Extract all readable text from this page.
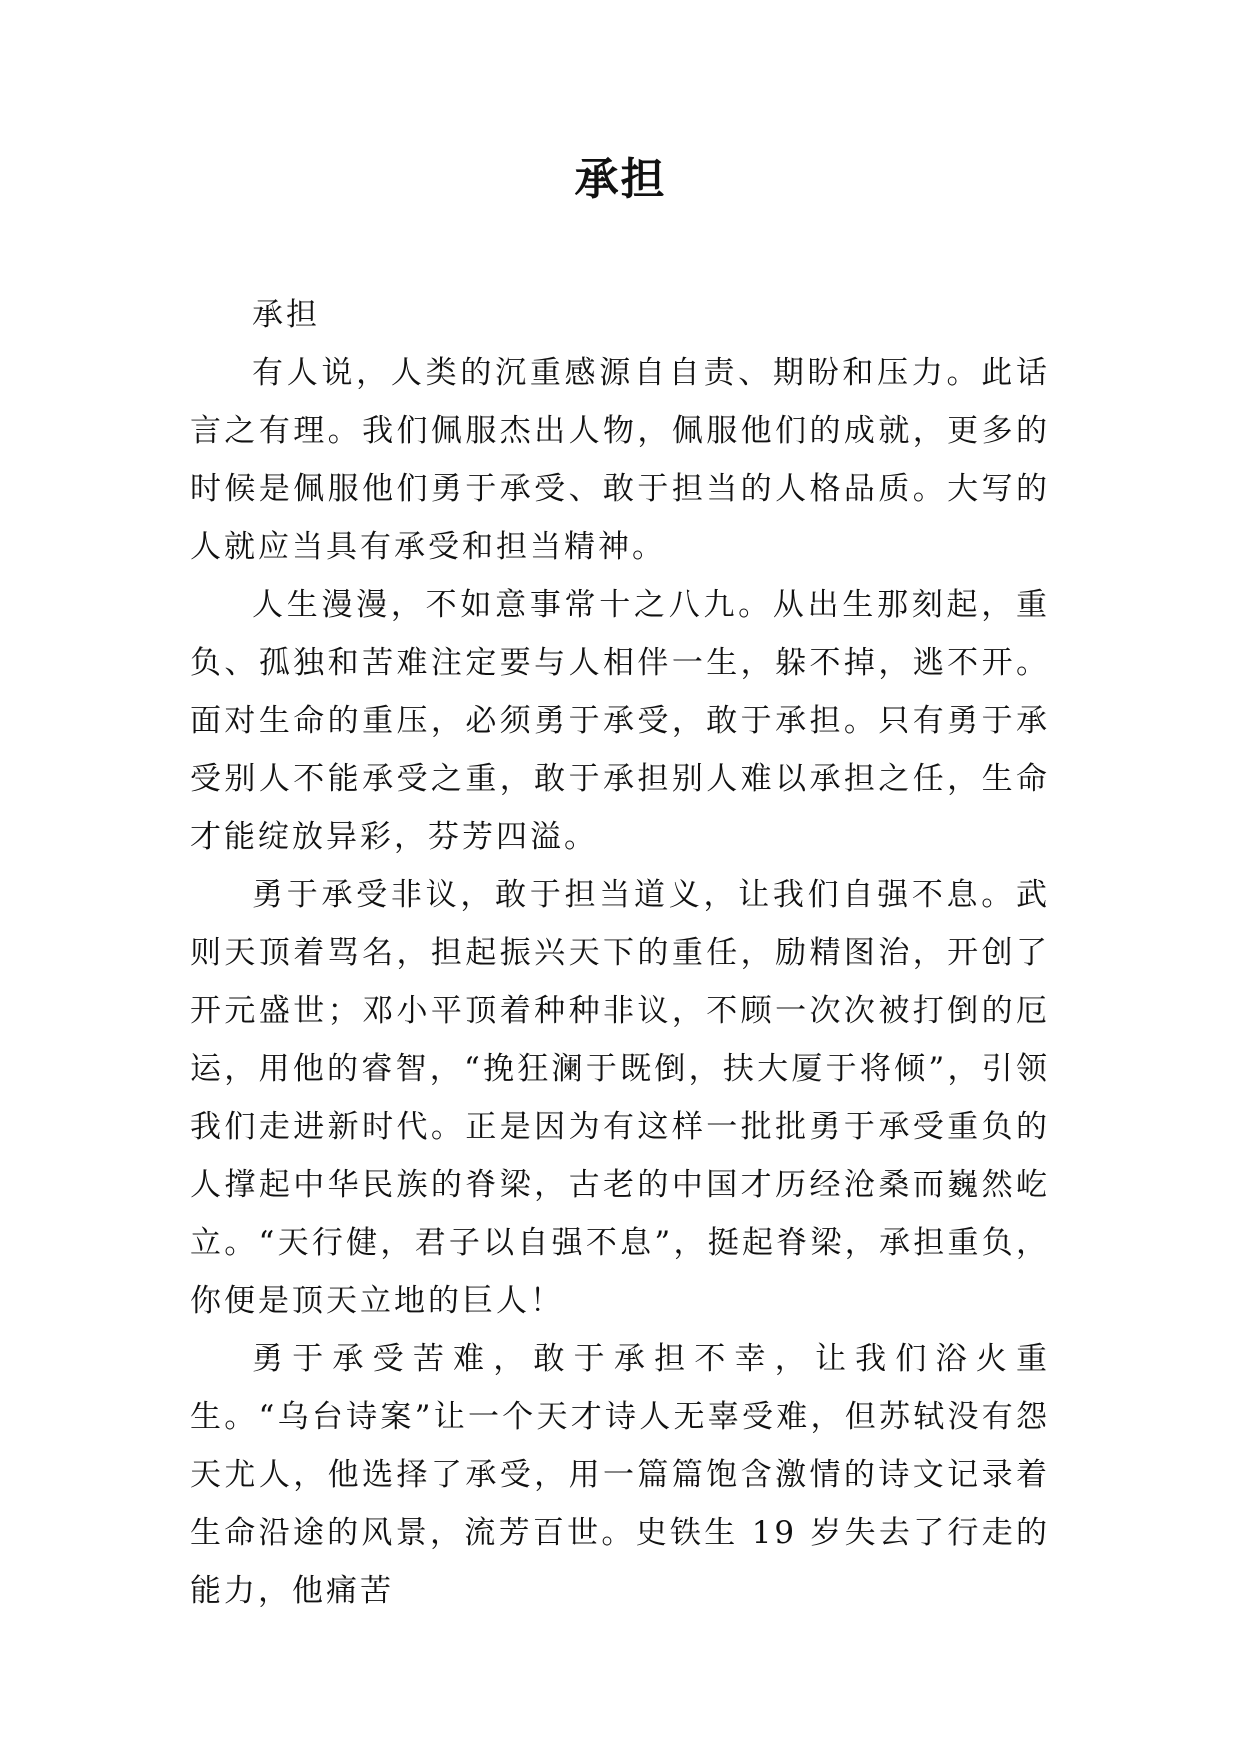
承担

承担

有人说，人类的沉重感源自自责、期盼和压力。此话言之有理。我们佩服杰出人物，佩服他们的成就，更多的时候是佩服他们勇于承受、敢于担当的人格品质。大写的人就应当具有承受和担当精神。

人生漫漫，不如意事常十之八九。从出生那刻起，重负、孤独和苦难注定要与人相伴一生，躲不掉，逃不开。面对生命的重压，必须勇于承受，敢于承担。只有勇于承受别人不能承受之重，敢于承担别人难以承担之任，生命才能绽放异彩，芬芳四溢。

勇于承受非议，敢于担当道义，让我们自强不息。武则天顶着骂名，担起振兴天下的重任，励精图治，开创了开元盛世；邓小平顶着种种非议，不顾一次次被打倒的厄运，用他的睿智，“挽狂澜于既倒，扶大厦于将倾”，引领我们走进新时代。正是因为有这样一批批勇于承受重负的人撑起中华民族的脊梁，古老的中国才历经沧桑而巍然屹立。“天行健，君子以自强不息”，挺起脊梁，承担重负，你便是顶天立地的巨人！

勇于承受苦难，敢于承担不幸，让我们浴火重生。“乌台诗案”让一个天才诗人无辜受难，但苏轼没有怨天尤人，他选择了承受，用一篇篇饱含激情的诗文记录着生命沿途的风景，流芳百世。史铁生 19 岁失去了行走的能力，他痛苦
